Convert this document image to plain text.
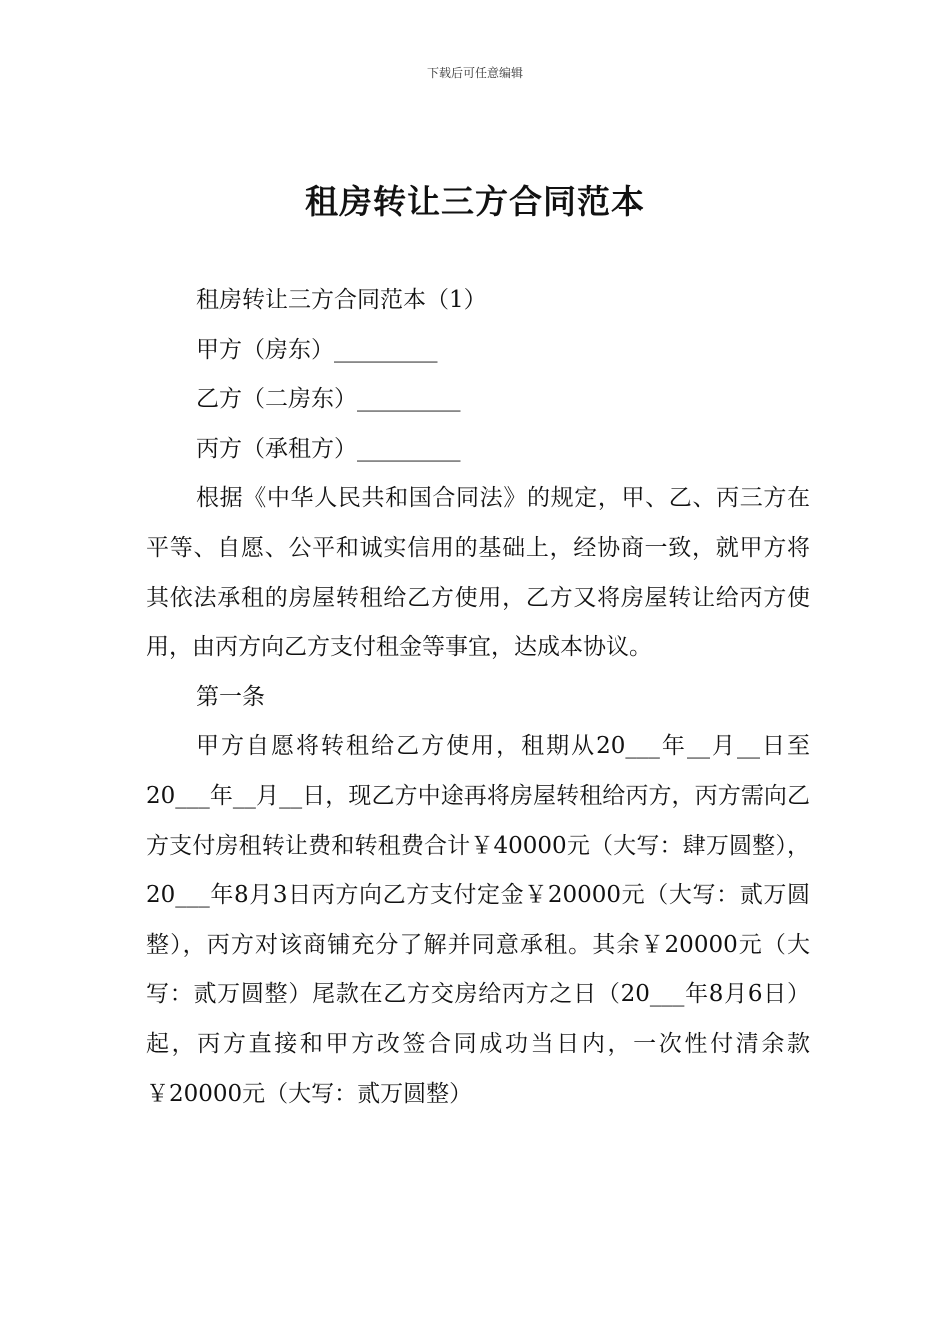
下载后可任意编辑
租房转让三方合同范本

租房转让三方合同范本（1）

甲方（房东）_________

乙方（二房东）_________

丙方（承租方）_________

根据《中华人民共和国合同法》的规定，甲、乙、丙三方在平等、自愿、公平和诚实信用的基础上，经协商一致，就甲方将其依法承租的房屋转租给乙方使用，乙方又将房屋转让给丙方使用，由丙方向乙方支付租金等事宜，达成本协议。

第一条

甲方自愿将转租给乙方使用，租期从20___年__月__日至20___年__月__日，现乙方中途再将房屋转租给丙方，丙方需向乙方支付房租转让费和转租费合计￥40000元（大写：肆万圆整），20___年8月3日丙方向乙方支付定金￥20000元（大写：贰万圆整），丙方对该商铺充分了解并同意承租。其余￥20000元（大写：贰万圆整）尾款在乙方交房给丙方之日（20___年8月6日）起，丙方直接和甲方改签合同成功当日内，一次性付清余款￥20000元（大写：贰万圆整）
